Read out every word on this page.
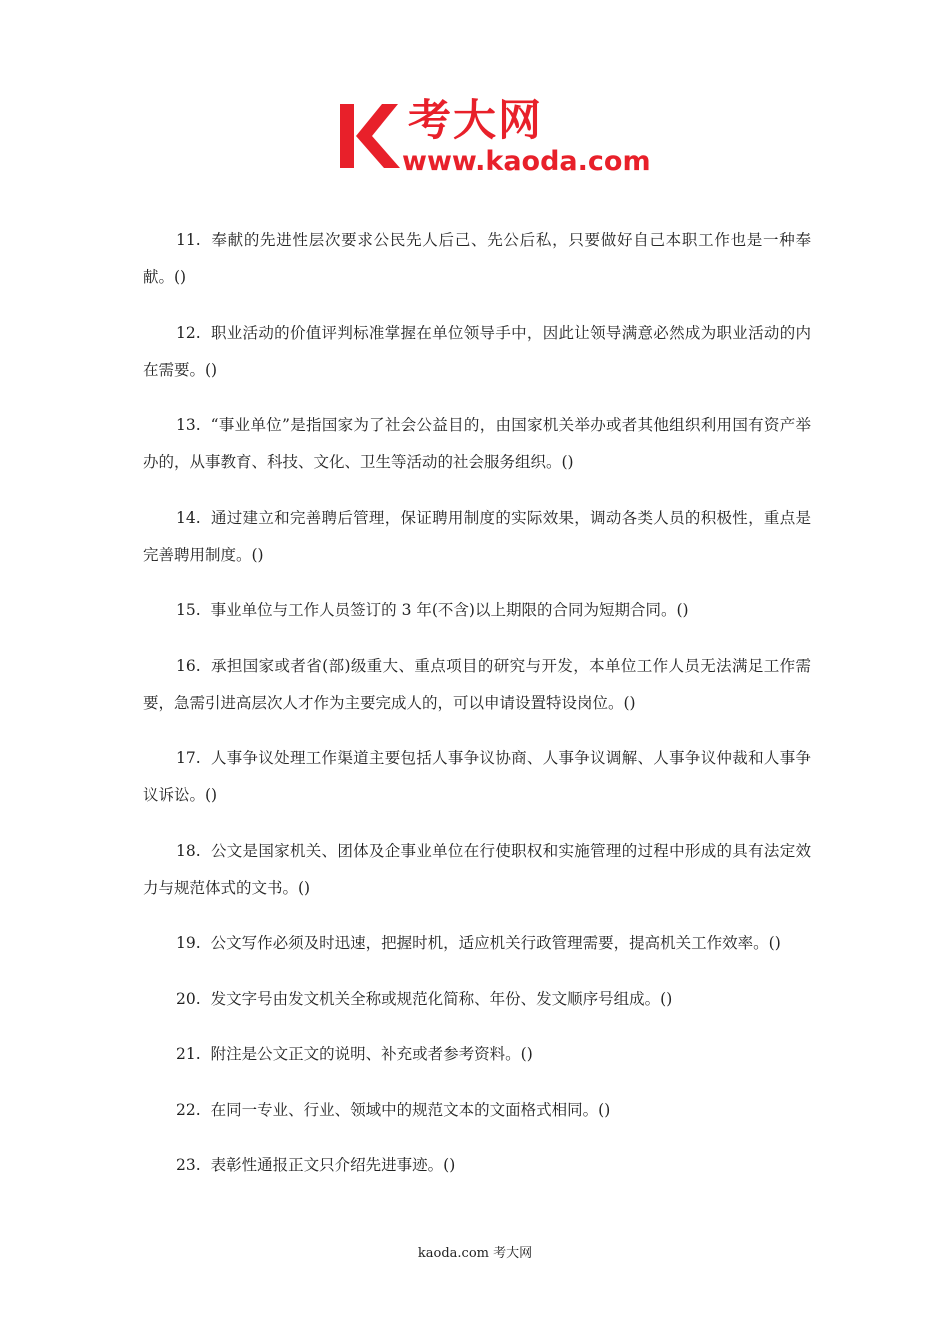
考大网
www.kaoda.com
11. 奉献的先进性层次要求公民先人后己、先公后私，只要做好自己本职工作也是一种奉献。()
12. 职业活动的价值评判标准掌握在单位领导手中，因此让领导满意必然成为职业活动的内在需要。()
13. “事业单位”是指国家为了社会公益目的，由国家机关举办或者其他组织利用国有资产举办的，从事教育、科技、文化、卫生等活动的社会服务组织。()
14. 通过建立和完善聘后管理，保证聘用制度的实际效果，调动各类人员的积极性，重点是完善聘用制度。()
15. 事业单位与工作人员签订的 3 年(不含)以上期限的合同为短期合同。()
16. 承担国家或者省(部)级重大、重点项目的研究与开发，本单位工作人员无法满足工作需要，急需引进高层次人才作为主要完成人的，可以申请设置特设岗位。()
17. 人事争议处理工作渠道主要包括人事争议协商、人事争议调解、人事争议仲裁和人事争议诉讼。()
18. 公文是国家机关、团体及企事业单位在行使职权和实施管理的过程中形成的具有法定效力与规范体式的文书。()
19. 公文写作必须及时迅速，把握时机，适应机关行政管理需要，提高机关工作效率。()
20. 发文字号由发文机关全称或规范化简称、年份、发文顺序号组成。()
21. 附注是公文正文的说明、补充或者参考资料。()
22. 在同一专业、行业、领域中的规范文本的文面格式相同。()
23. 表彰性通报正文只介绍先进事迹。()
kaoda.com 考大网
